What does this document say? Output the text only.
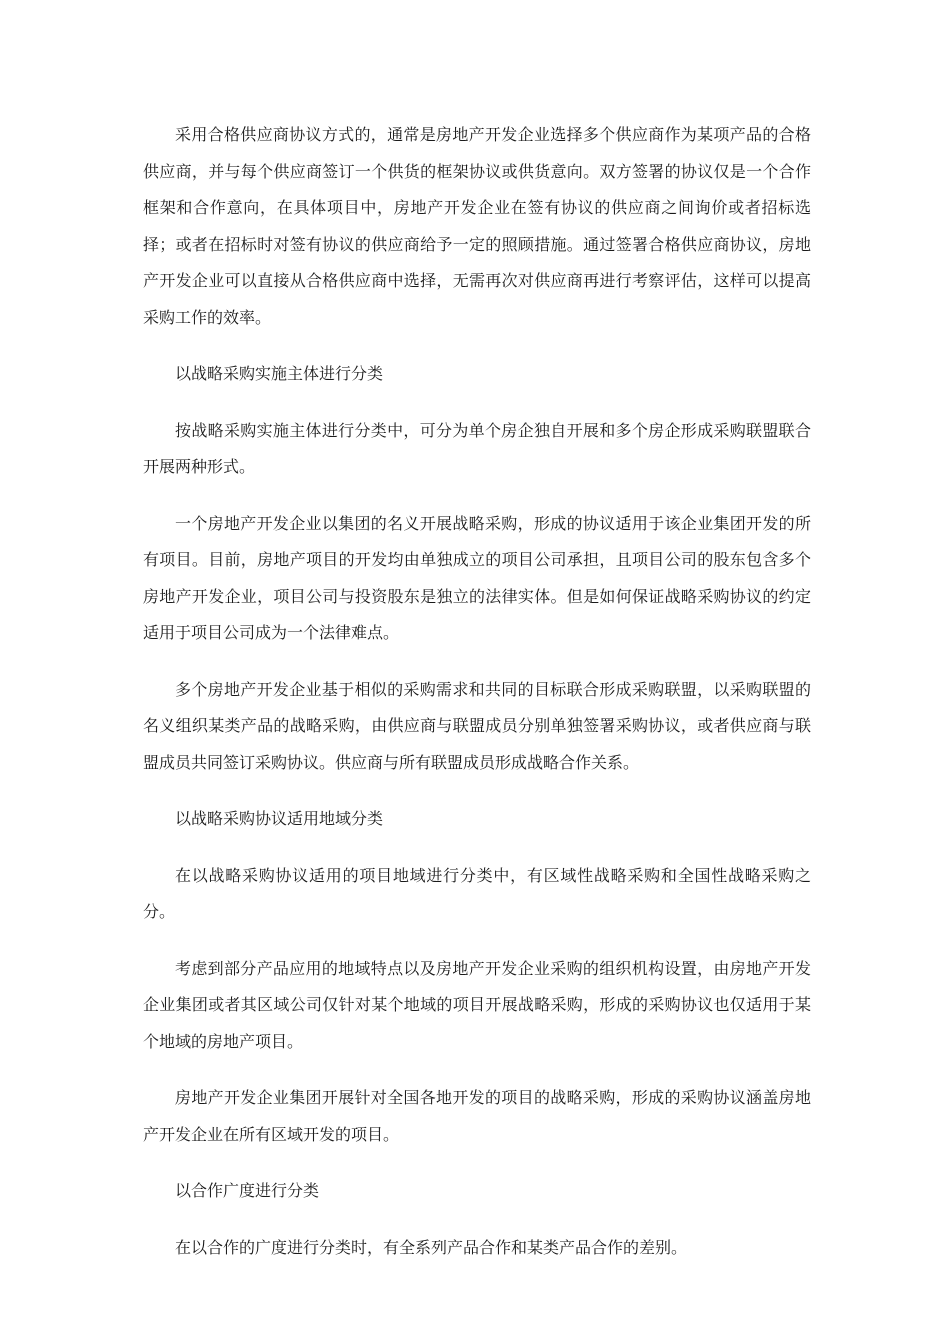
采用合格供应商协议方式的，通常是房地产开发企业选择多个供应商作为某项产品的合格供应商，并与每个供应商签订一个供货的框架协议或供货意向。双方签署的协议仅是一个合作框架和合作意向，在具体项目中，房地产开发企业在签有协议的供应商之间询价或者招标选择；或者在招标时对签有协议的供应商给予一定的照顾措施。通过签署合格供应商协议，房地产开发企业可以直接从合格供应商中选择，无需再次对供应商再进行考察评估，这样可以提高采购工作的效率。

以战略采购实施主体进行分类

按战略采购实施主体进行分类中，可分为单个房企独自开展和多个房企形成采购联盟联合开展两种形式。

一个房地产开发企业以集团的名义开展战略采购，形成的协议适用于该企业集团开发的所有项目。目前，房地产项目的开发均由单独成立的项目公司承担，且项目公司的股东包含多个房地产开发企业，项目公司与投资股东是独立的法律实体。但是如何保证战略采购协议的约定适用于项目公司成为一个法律难点。

多个房地产开发企业基于相似的采购需求和共同的目标联合形成采购联盟，以采购联盟的名义组织某类产品的战略采购，由供应商与联盟成员分别单独签署采购协议，或者供应商与联盟成员共同签订采购协议。供应商与所有联盟成员形成战略合作关系。

以战略采购协议适用地域分类

在以战略采购协议适用的项目地域进行分类中，有区域性战略采购和全国性战略采购之分。

考虑到部分产品应用的地域特点以及房地产开发企业采购的组织机构设置，由房地产开发企业集团或者其区域公司仅针对某个地域的项目开展战略采购，形成的采购协议也仅适用于某个地域的房地产项目。

房地产开发企业集团开展针对全国各地开发的项目的战略采购，形成的采购协议涵盖房地产开发企业在所有区域开发的项目。

以合作广度进行分类

在以合作的广度进行分类时，有全系列产品合作和某类产品合作的差别。
